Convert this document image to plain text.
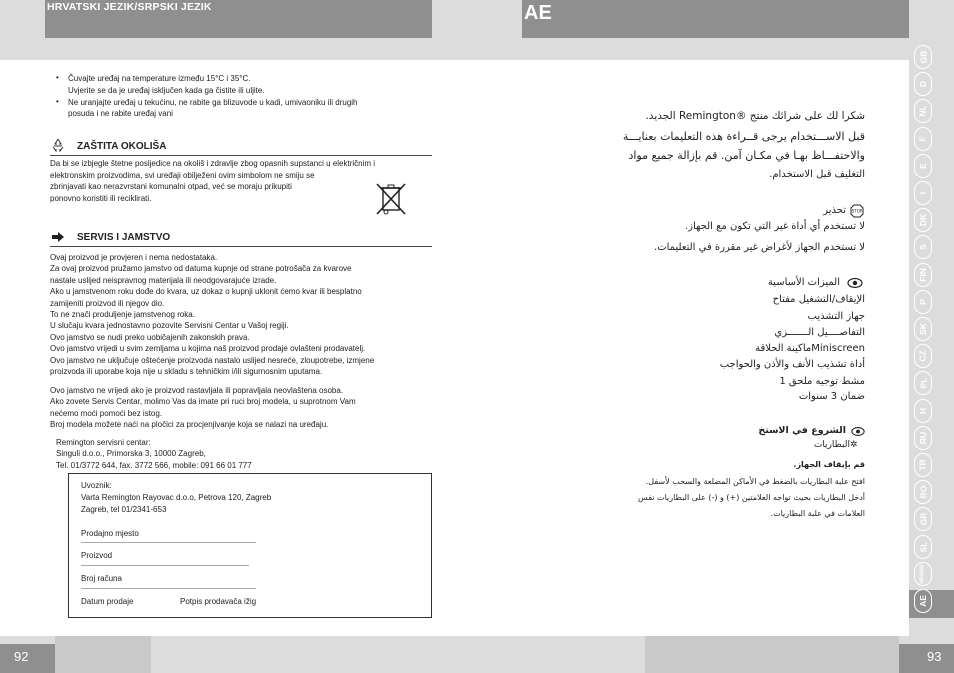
HRVATSKI JEZIK/SRPSKI JEZIK	AE
GB
D
NL
F
E
I
DK
S
FIN
P
SK
CZ
PL
H
RU
TR
RO
GR
SL
HR/SRB
AE
92	93
• Čuvajte uređaj na temperature između 15°C i 35°C.
Uvjerite se da je uređaj isključen kada ga čistite ili uljite.
• Ne uranjajte uređaj u tekućinu, ne rabite ga blizuvode u kadi, umivaoniku ili drugih
posuda i ne rabite uređaj vani
ZAŠTITA OKOLIŠA
Da bi se izbjegle štetne posljedice na okoliš i zdravlje zbog opasnih supstanci u električnim i
elektronskim proizvodima, svi uređaji obilježeni ovim simbolom ne smiju se
zbrinjavati kao nerazvrstani komunalni otpad, već se moraju prikupiti
ponovno koristiti ili reciklirati.
SERVIS I JAMSTVO
Ovaj proizvod je provjeren i nema nedostataka.
Za ovaj proizvod pružamo jamstvo od datuma kupnje od strane potrošača za kvarove
nastale uslijed neispravnog materijala ili neodgovarajuće izrade.
Ako u jamstvenom roku dođe do kvara, uz dokaz o kupnji uklonit ćemo kvar ili besplatno
zamijeniti proizvod ili njegov dio.
To ne znači produljenje jamstvenog roka.
U slučaju kvara jednostavno pozovite Servisni Centar u Vašoj regiji.
Ovo jamstvo se nudi preko uobičajenih zakonskih prava.
Ovo jamstvo vrijedi u svim zemljama u kojima naš proizvod prodaje ovlašteni prodavatelj.
Ovo jamstvo ne uključuje oštećenje proizvoda nastalo uslijed nesreće, zloupotrebe, izmjene
proizvoda ili uporabe koja nije u skladu s tehničkim i/ili sigurnosnim uputama.
Ovo jamstvo ne vrijedi ako je proizvod rastavljala ili popravljala neovlaštena osoba.
Ako zovete Servis Centar, molimo Vas da imate pri ruci broj modela, u suprotnom Vam
nećemo moći pomoći bez istog.
Broj modela možete naći na pločici za procjenjivanje koja se nalazi na uređaju.
Remington servisni centar:
Singuli d.o.o., Primorska 3, 10000 Zagreb,
Tel. 01/3772 644, fax. 3772 566, mobile: 091 66 01 777
Uvoznik:
Varta Remington Rayovac d.o.o, Petrova 120, Zagreb
Zagreb, tel 01/2341-653
Prodajno mjesto
—————————————————————————
Proizvod
————————————————————————
Broj računa
—————————————————————————
Datum prodaje	Potpis prodavača ižig
شكرا لك على شرائك منتج ®Remington الجديد.
قبل الاســـتخدام يرجى قــراءة هذه التعليمات بعنايـــة
والاحتفـــاظ بهـا في مكـان آمن. قم بإزالة جميع مواد
التغليف قبل الاستخدام.
STOP
تحذير
لا تستخدم أي أداة غير التي تكون مع الجهاز.
لا تستخدم الجهاز لأغراض غير مقررة في التعليمات.
الميزات الأساسية
الإيقاف/التشغيل مفتاح
جهاز التشذيب
التفاصــــيل الـــــــزي
Miniscreenماكينة الحلاقة
أداة تشذيب الأنف والأذن والحواجب
مشط توجيه ملحق 1
ضمان 3 سنوات
الشروع في الاستخ
البطاريات ✲
قم بإيقاف الجهاز.
افتح علبة البطاريات بالضغط في الأماكن المضلعة والسحب لأسفل.
أدخل البطاريات بحيث تواجه العلامتين (+) و (-) على البطاريات نفس
العلامات في علبة البطاريات.
